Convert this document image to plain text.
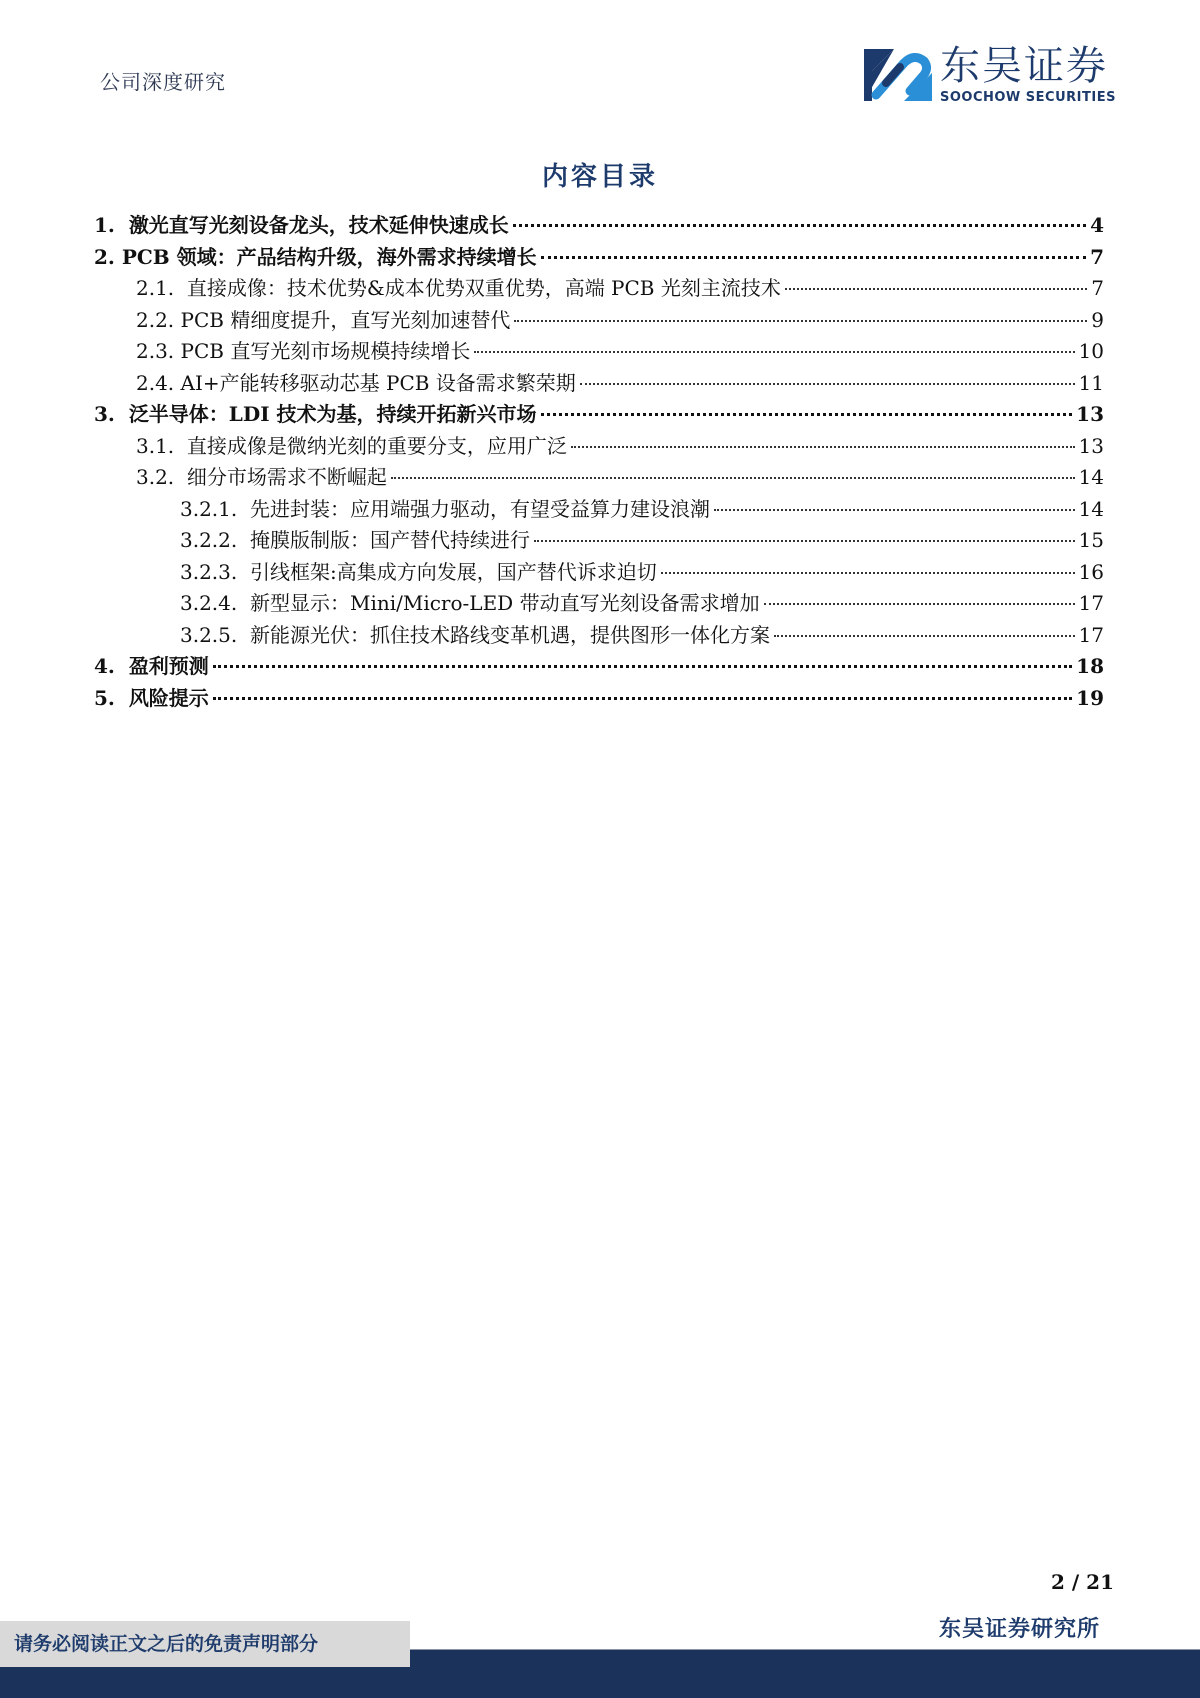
公司深度研究	东吴证券
SOOCHOW SECURITIES
内容目录
1. 激光直写光刻设备龙头，技术延伸快速成长	4
2. PCB 领域：产品结构升级，海外需求持续增长	7
2.1. 直接成像：技术优势&成本优势双重优势，高端 PCB 光刻主流技术	7
2.2. PCB 精细度提升，直写光刻加速替代	9
2.3. PCB 直写光刻市场规模持续增长	10
2.4. AI+产能转移驱动芯基 PCB 设备需求繁荣期	11
3. 泛半导体：LDI 技术为基，持续开拓新兴市场	13
3.1. 直接成像是微纳光刻的重要分支，应用广泛	13
3.2. 细分市场需求不断崛起	14
3.2.1. 先进封装：应用端强力驱动，有望受益算力建设浪潮	14
3.2.2. 掩膜版制版：国产替代持续进行	15
3.2.3. 引线框架:高集成方向发展，国产替代诉求迫切	16
3.2.4. 新型显示：Mini/Micro-LED 带动直写光刻设备需求增加	17
3.2.5. 新能源光伏：抓住技术路线变革机遇，提供图形一体化方案	17
4. 盈利预测	18
5. 风险提示	19
2 / 21
东吴证券研究所
请务必阅读正文之后的免责声明部分
